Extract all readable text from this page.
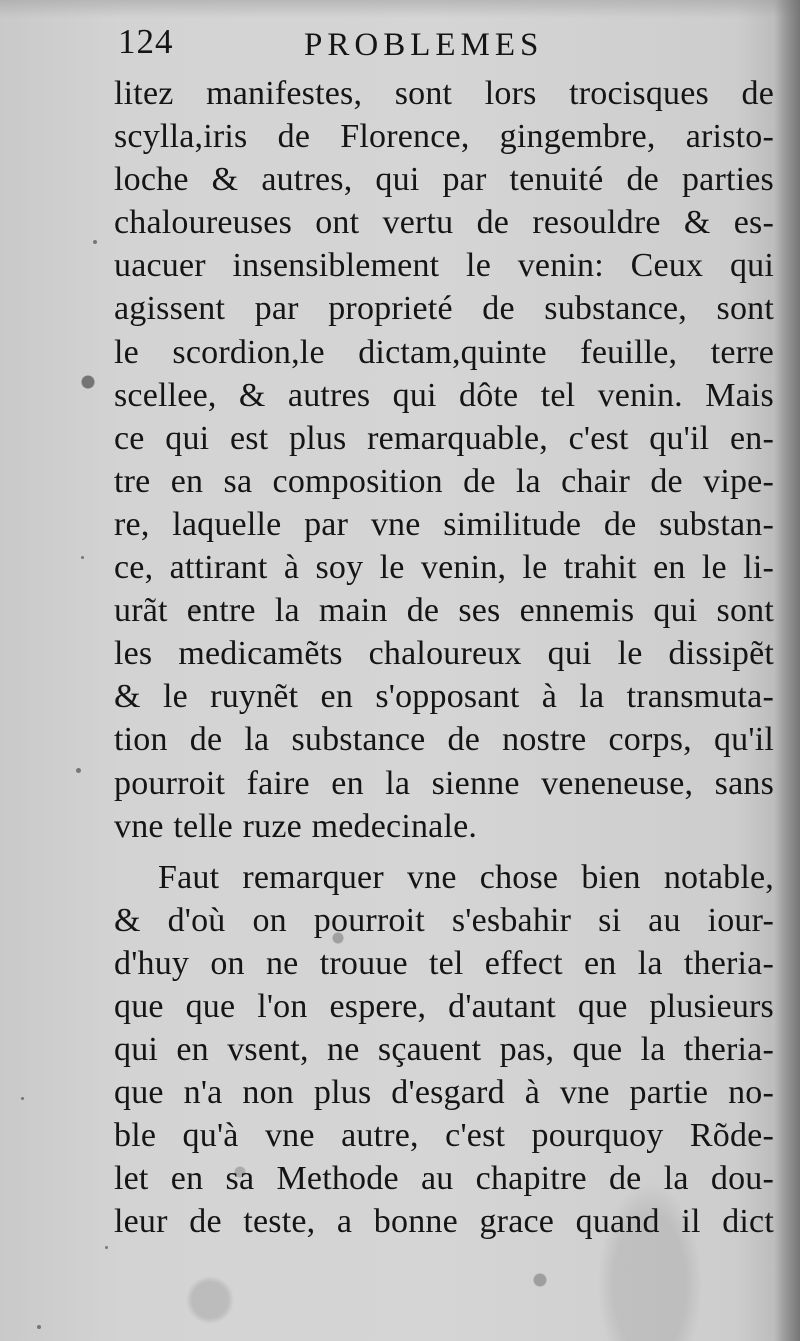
124	PROBLEMES
litez manifestes, sont lors trocisques de
scylla,iris de Florence, gingembre, aristo-
loche & autres, qui par tenuité de parties
chaloureuses ont vertu de resouldre & es-
uacuer insensiblement le venin: Ceux qui
agissent par proprieté de substance, sont
le scordion,le dictam,quinte feuille, terre
scellee, & autres qui dôte tel venin. Mais
ce qui est plus remarquable, c'est qu'il en-
tre en sa composition de la chair de vipe-
re, laquelle par vne similitude de substan-
ce, attirant à soy le venin, le trahit en le li-
urãt entre la main de ses ennemis qui sont
les medicamẽts chaloureux qui le dissipẽt
& le ruynẽt en s'opposant à la transmuta-
tion de la substance de nostre corps, qu'il
pourroit faire en la sienne veneneuse, sans
vne telle ruze medecinale.
Faut remarquer vne chose bien notable,
& d'où on pourroit s'esbahir si au iour-
d'huy on ne trouue tel effect en la theria-
que que l'on espere, d'autant que plusieurs
qui en vsent, ne sçauent pas, que la theria-
que n'a non plus d'esgard à vne partie no-
ble qu'à vne autre, c'est pourquoy Rõde-
let en sa Methode au chapitre de la dou-
leur de teste, a bonne grace quand il dict
